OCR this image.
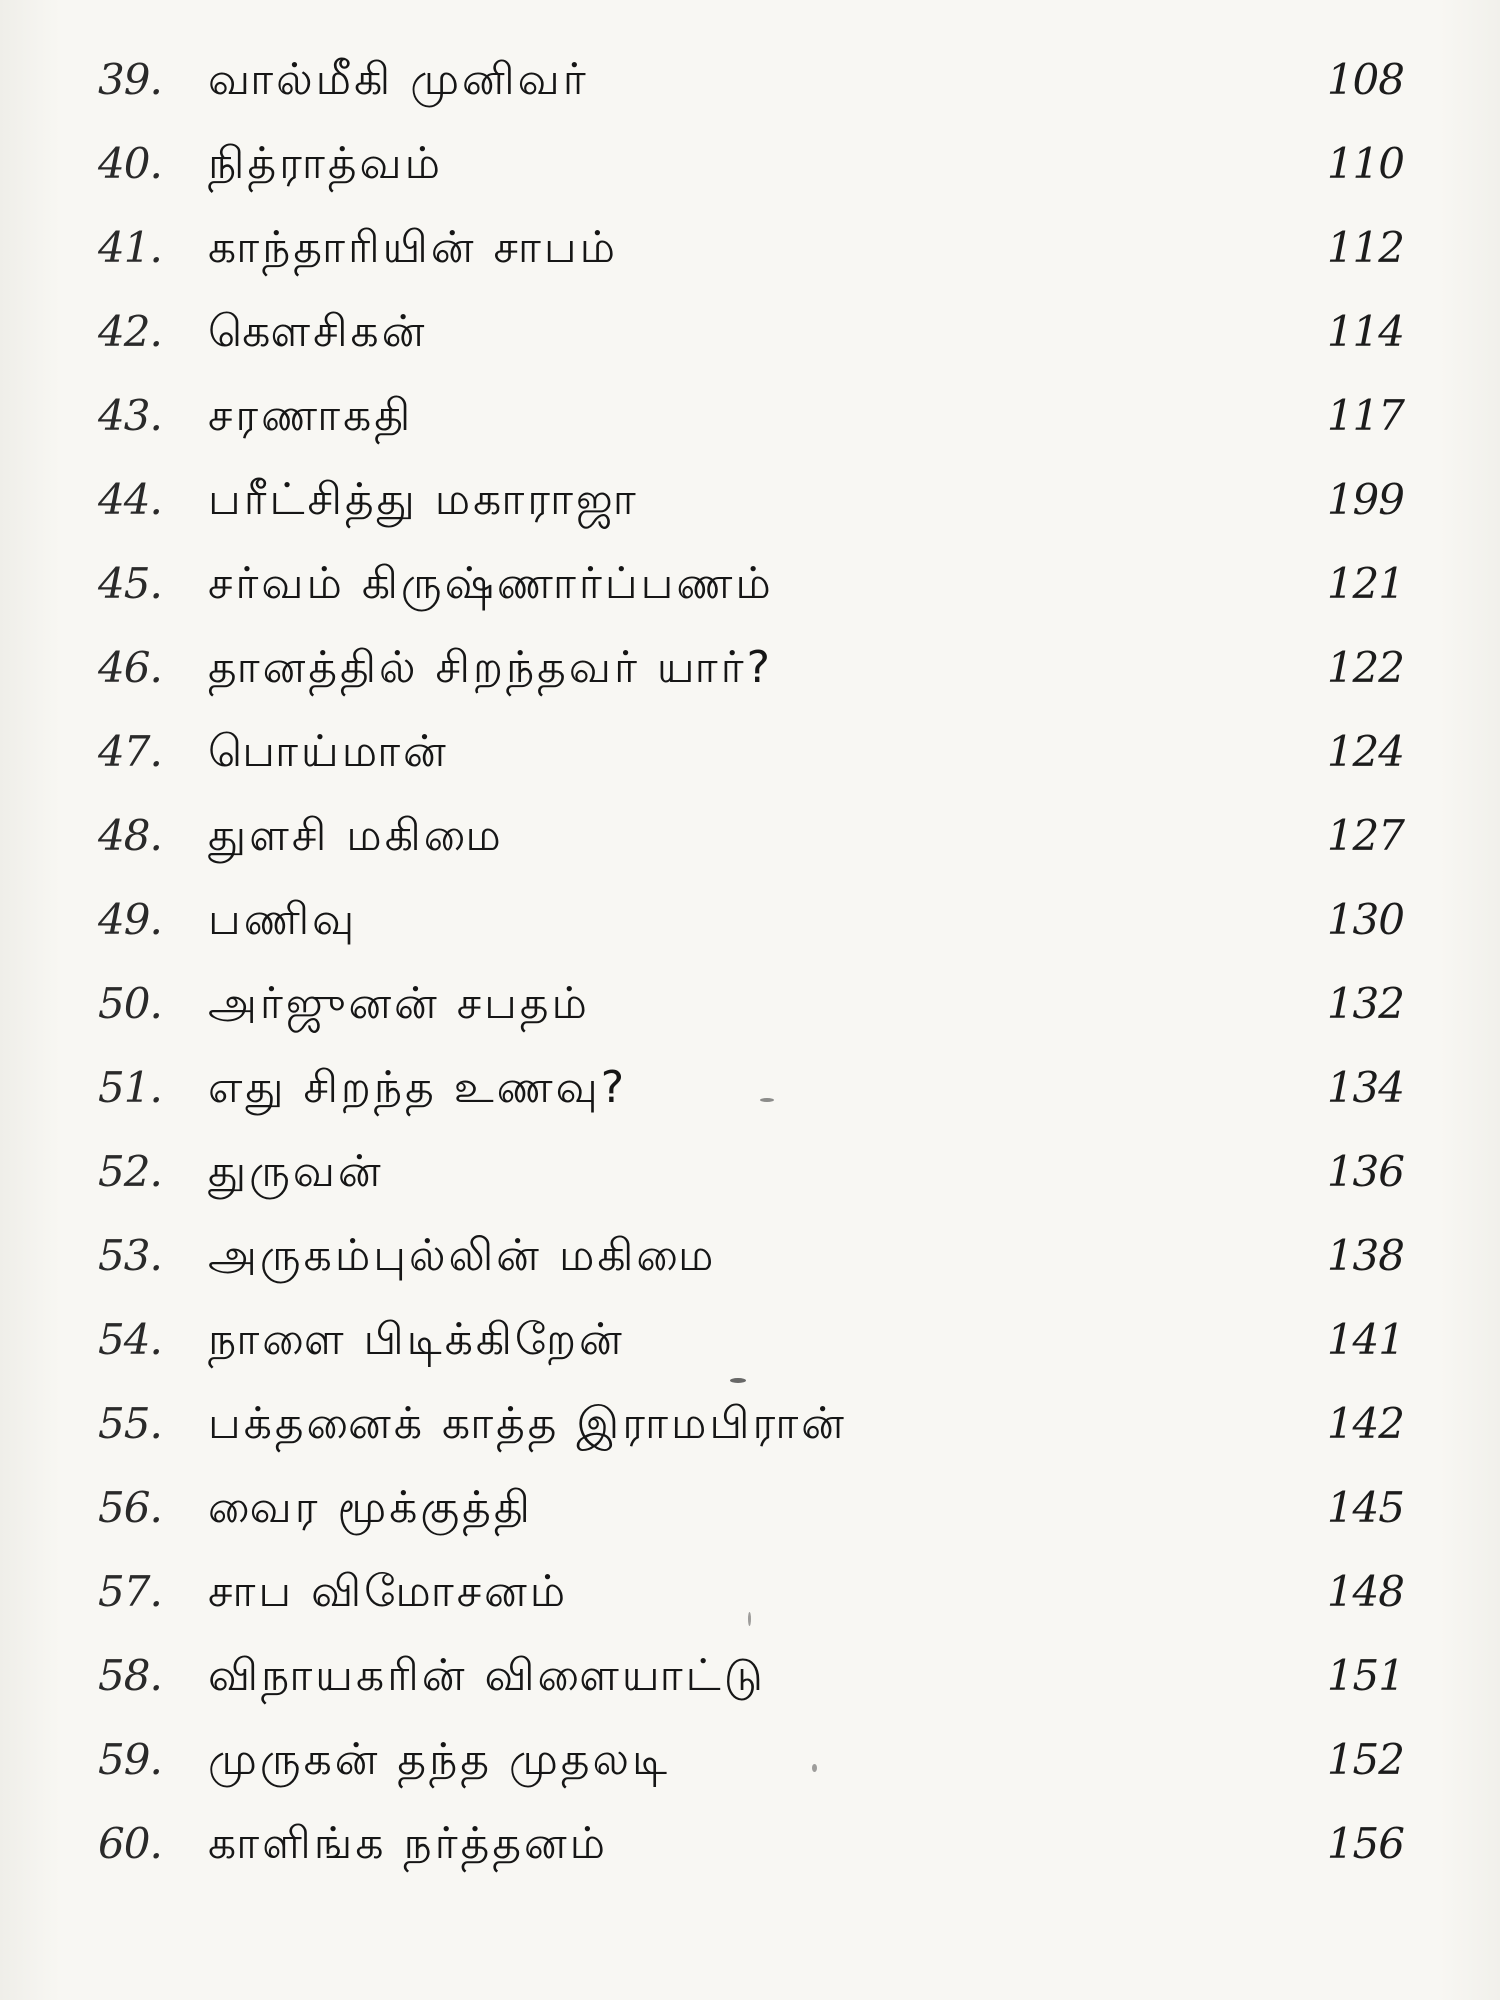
39.	வால்மீகி முனிவர்	108
40.	நித்ராத்வம்	110
41.	காந்தாரியின் சாபம்	112
42.	கௌசிகன்	114
43.	சரணாகதி	117
44.	பரீட்சித்து மகாராஜா	199
45.	சர்வம் கிருஷ்ணார்ப்பணம்	121
46.	தானத்தில் சிறந்தவர் யார்?	122
47.	பொய்மான்	124
48.	துளசி மகிமை	127
49.	பணிவு	130
50.	அர்ஜுனன் சபதம்	132
51.	எது சிறந்த உணவு?	134
52.	துருவன்	136
53.	அருகம்புல்லின் மகிமை	138
54.	நாளை பிடிக்கிறேன்	141
55.	பக்தனைக் காத்த இராமபிரான்	142
56.	வைர மூக்குத்தி	145
57.	சாப விமோசனம்	148
58.	விநாயகரின் விளையாட்டு	151
59.	முருகன் தந்த முதலடி	152
60.	காளிங்க நர்த்தனம்	156
